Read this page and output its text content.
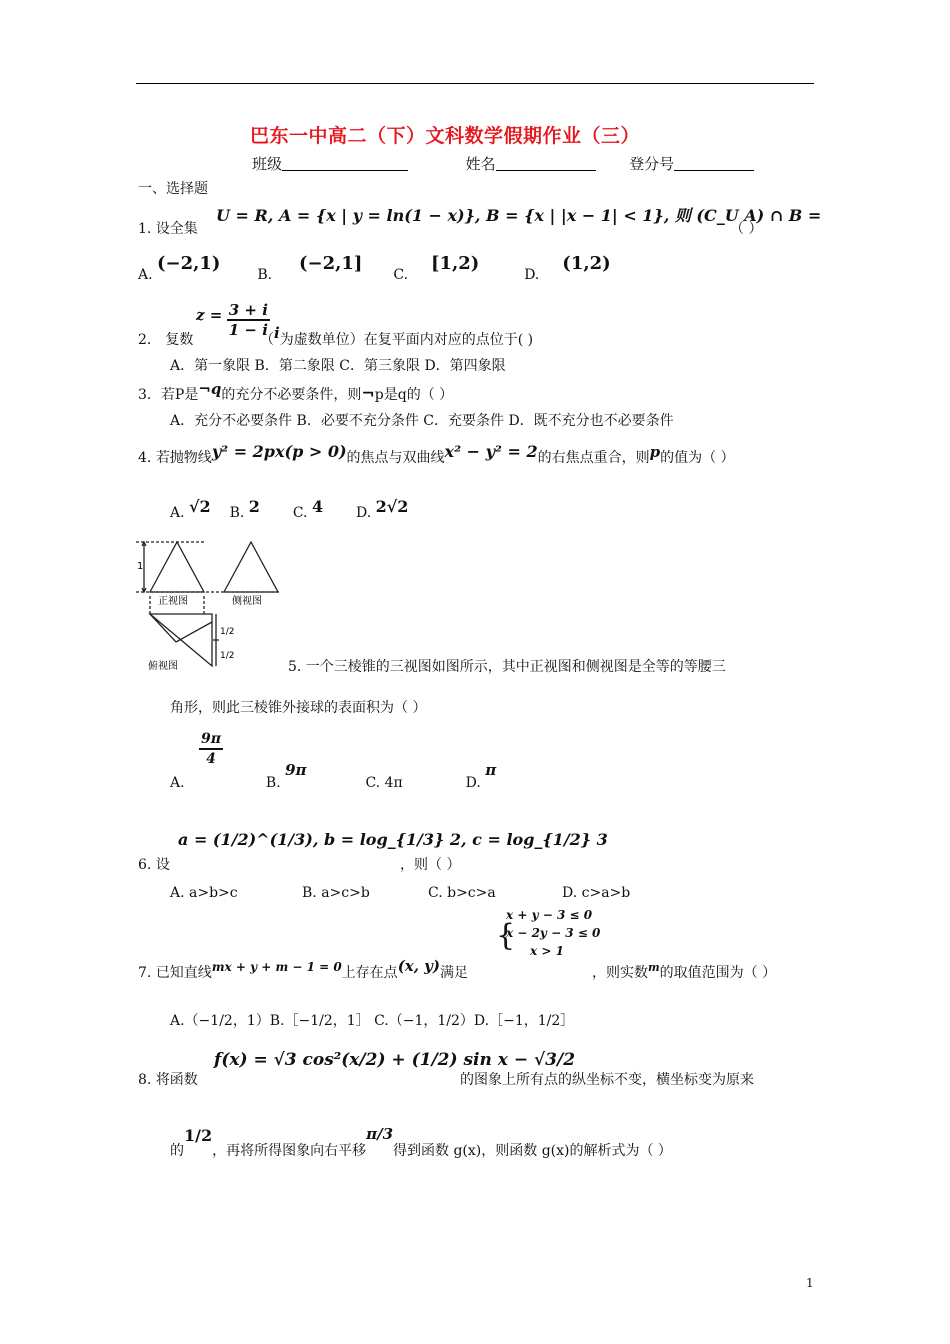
巴东一中高二（下）文科数学假期作业（三）
班级	姓名	登分号
一、选择题
1. 设全集
U = R, A = {x | y = ln(1 − x)}, B = {x | |x − 1| < 1}, 则 (C_U A) ∩ B =
（ ）
A. (−2,1)  B.  (−2,1]  C.  [1,2)  D.  (1,2)
2． 复数
$z = \frac{3 + i}{1 - i}$
（i为虚数单位）在复平面内对应的点位于( )
A．第一象限 B．第二象限 C．第三象限 D．第四象限
3．若P是¬q的充分不必要条件，则¬p是q的（ ）
A．充分不必要条件 B．必要不充分条件 C．充要条件 D．既不充分也不必要条件
4. 若抛物线y² = 2px(p > 0)的焦点与双曲线x² − y² = 2的右焦点重合，则p的值为（ ）
A. √2 B. 2 C. 4 D. 2√2
1
正视图	侧视图
1/2
1/2
俯视图	5. 一个三棱锥的三视图如图所示，其中正视图和侧视图是全等的等腰三
角形，则此三棱锥外接球的表面积为（ ）
A.
$\frac{9\pi}{4}$
B. 9π  C. 4π	D. π
a = (1/2)^(1/3), b = log_{1/3} 2, c = log_{1/2} 3
6. 设	，则（ ）
A. a>b>c	B. a>c>b	C. b>c>a	D. c>a>b
{
x + y − 3 ≤ 0
x − 2y − 3 ≤ 0
x > 1
7. 已知直线mx + y + m − 1 = 0上存在点(x, y)满足	，则实数$^m$的取值范围为（ ）
A.（−1/2，1）B.［−1/2，1］ C.（−1，1/2）D.［−1，1/2］
f(x) = √3 cos²(x/2) + (1/2) sin x − √3/2
8. 将函数	的图象上所有点的纵坐标不变，横坐标变为原来
的1/2，再将所得图象向右平移π/3得到函数 g(x)，则函数 g(x)的解析式为（ ）
1
